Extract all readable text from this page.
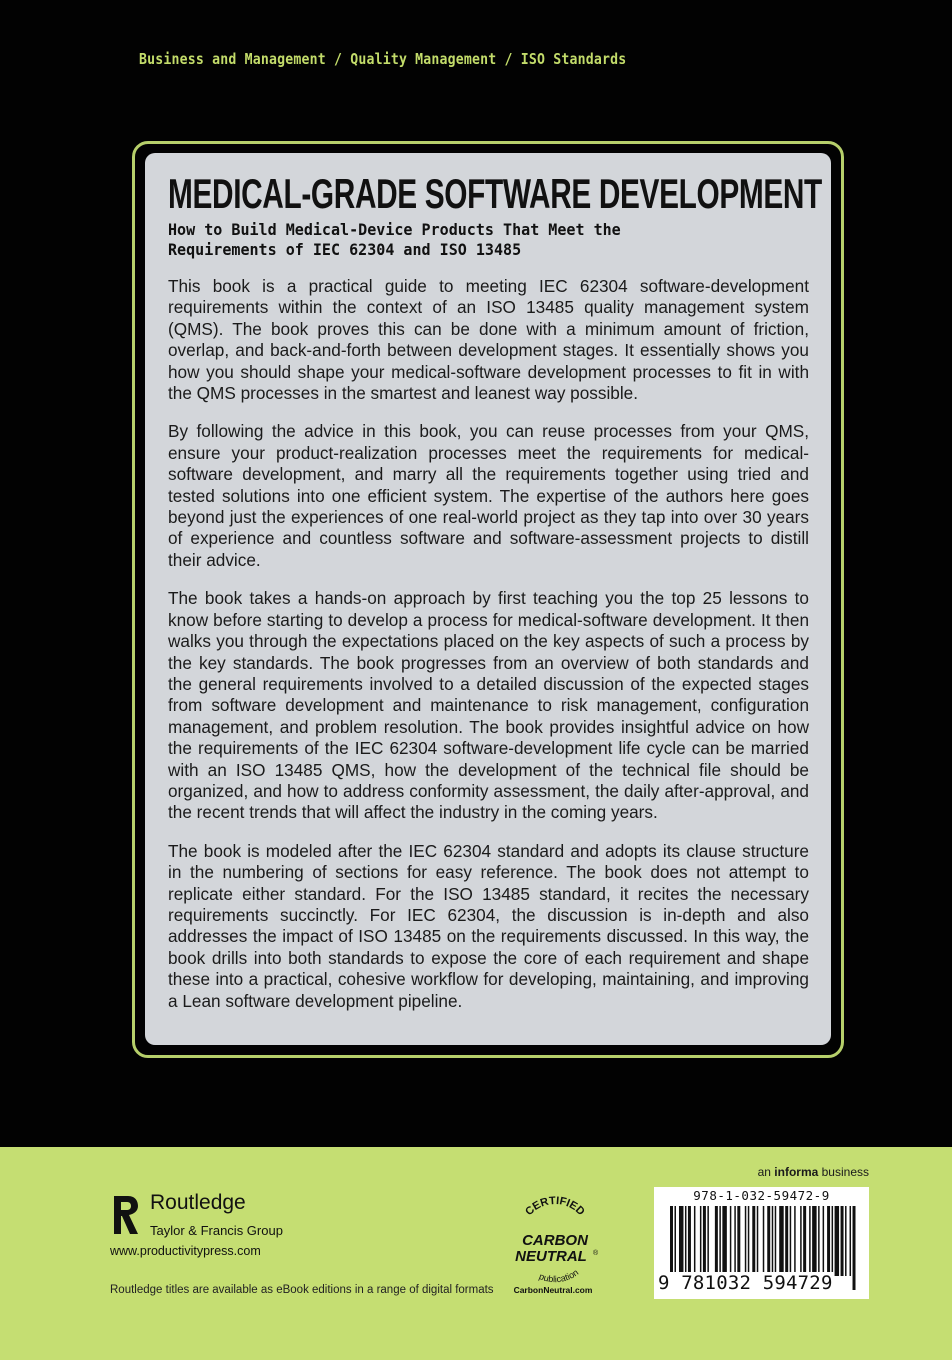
Business and Management / Quality Management / ISO Standards
MEDICAL-GRADE SOFTWARE DEVELOPMENT
How to Build Medical-Device Products That Meet the
Requirements of IEC 62304 and ISO 13485

This book is a practical guide to meeting IEC 62304 software-development requirements within the context of an ISO 13485 quality management system (QMS). The book proves this can be done with a minimum amount of friction, overlap, and back-and-forth between development stages. It essentially shows you how you should shape your medical-software development processes to fit in with the QMS processes in the smartest and leanest way possible.

By following the advice in this book, you can reuse processes from your QMS, ensure your product-realization processes meet the requirements for medical-software development, and marry all the requirements together using tried and tested solutions into one efficient system. The expertise of the authors here goes beyond just the experiences of one real-world project as they tap into over 30 years of experience and countless software and software-assessment projects to distill their advice.

The book takes a hands-on approach by first teaching you the top 25 lessons to know before starting to develop a process for medical-software development. It then walks you through the expectations placed on the key aspects of such a process by the key standards. The book progresses from an overview of both standards and the general requirements involved to a detailed discussion of the expected stages from software development and maintenance to risk management, configuration management, and problem resolution. The book provides insightful advice on how the requirements of the IEC 62304 software-development life cycle can be married with an ISO 13485 QMS, how the development of the technical file should be organized, and how to address conformity assessment, the daily after-approval, and the recent trends that will affect the industry in the coming years.

The book is modeled after the IEC 62304 standard and adopts its clause structure in the numbering of sections for easy reference. The book does not attempt to replicate either standard. For the ISO 13485 standard, it recites the necessary requirements succinctly. For IEC 62304, the discussion is in-depth and also addresses the impact of ISO 13485 on the requirements discussed. In this way, the book drills into both standards to expose the core of each requirement and shape these into a practical, cohesive workflow for developing, maintaining, and improving a Lean software development pipeline.

an informa business
Routledge
Taylor & Francis Group
www.productivitypress.com
Routledge titles are available as eBook editions in a range of digital formats
CERTIFIED
CARBON
NEUTRAL ®
publication
CarbonNeutral.com
978-1-032-59472-9
9 781032 594729
